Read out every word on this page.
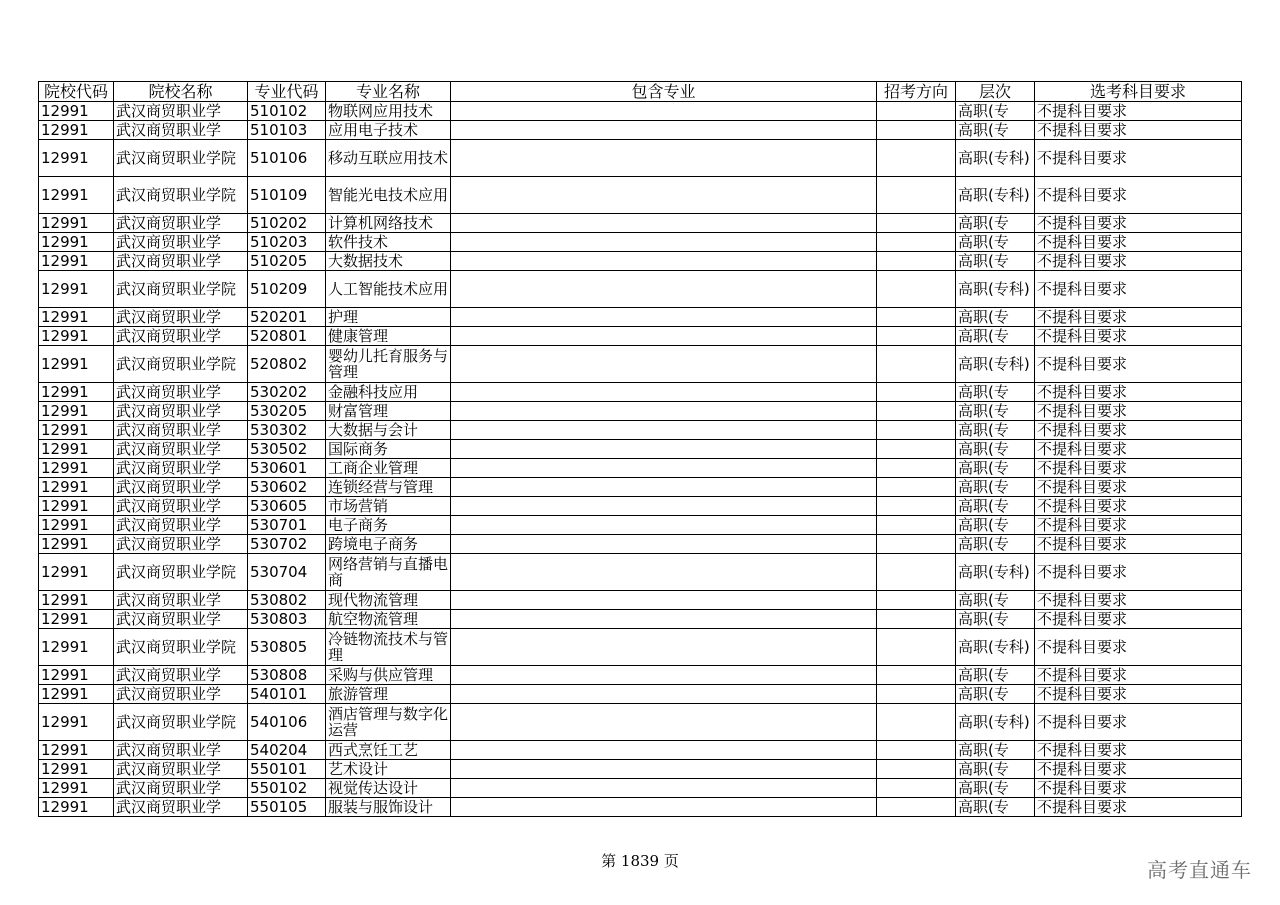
院校代码	院校名称	专业代码	专业名称	包含专业	招考方向	层次	选考科目要求
12991	武汉商贸职业学	510102	物联网应用技术			高职(专	不提科目要求
12991	武汉商贸职业学	510103	应用电子技术			高职(专	不提科目要求
12991	武汉商贸职业学院	510106	移动互联应用技术			高职(专科)	不提科目要求
12991	武汉商贸职业学院	510109	智能光电技术应用			高职(专科)	不提科目要求
12991	武汉商贸职业学	510202	计算机网络技术			高职(专	不提科目要求
12991	武汉商贸职业学	510203	软件技术			高职(专	不提科目要求
12991	武汉商贸职业学	510205	大数据技术			高职(专	不提科目要求
12991	武汉商贸职业学院	510209	人工智能技术应用			高职(专科)	不提科目要求
12991	武汉商贸职业学	520201	护理			高职(专	不提科目要求
12991	武汉商贸职业学	520801	健康管理			高职(专	不提科目要求
12991	武汉商贸职业学院	520802	婴幼儿托育服务与管理			高职(专科)	不提科目要求
12991	武汉商贸职业学	530202	金融科技应用			高职(专	不提科目要求
12991	武汉商贸职业学	530205	财富管理			高职(专	不提科目要求
12991	武汉商贸职业学	530302	大数据与会计			高职(专	不提科目要求
12991	武汉商贸职业学	530502	国际商务			高职(专	不提科目要求
12991	武汉商贸职业学	530601	工商企业管理			高职(专	不提科目要求
12991	武汉商贸职业学	530602	连锁经营与管理			高职(专	不提科目要求
12991	武汉商贸职业学	530605	市场营销			高职(专	不提科目要求
12991	武汉商贸职业学	530701	电子商务			高职(专	不提科目要求
12991	武汉商贸职业学	530702	跨境电子商务			高职(专	不提科目要求
12991	武汉商贸职业学院	530704	网络营销与直播电商			高职(专科)	不提科目要求
12991	武汉商贸职业学	530802	现代物流管理			高职(专	不提科目要求
12991	武汉商贸职业学	530803	航空物流管理			高职(专	不提科目要求
12991	武汉商贸职业学院	530805	冷链物流技术与管理			高职(专科)	不提科目要求
12991	武汉商贸职业学	530808	采购与供应管理			高职(专	不提科目要求
12991	武汉商贸职业学	540101	旅游管理			高职(专	不提科目要求
12991	武汉商贸职业学院	540106	酒店管理与数字化运营			高职(专科)	不提科目要求
12991	武汉商贸职业学	540204	西式烹饪工艺			高职(专	不提科目要求
12991	武汉商贸职业学	550101	艺术设计			高职(专	不提科目要求
12991	武汉商贸职业学	550102	视觉传达设计			高职(专	不提科目要求
12991	武汉商贸职业学	550105	服装与服饰设计			高职(专	不提科目要求
第 1839 页	高考直通车
